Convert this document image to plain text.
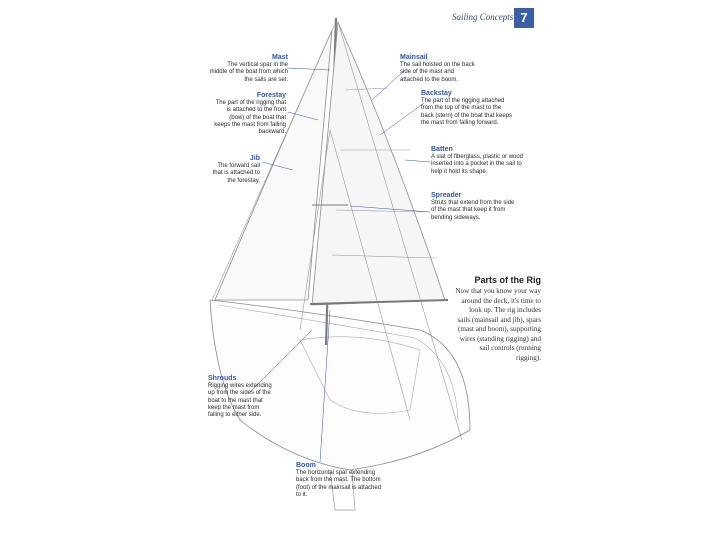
Sailing Concepts 7
Mast
The vertical spar in the middle of the boat from which the sails are set.
Forestay
The part of the rigging that is attached to the front (bow) of the boat that keeps the mast from falling backward.
Jib
The forward sail that is attached to the forestay.
Shrouds
Rigging wires extending up from the sides of the boat to the mast that keep the mast from falling to either side.
Mainsail
The sail hoisted on the back side of the mast and attached to the boom.
Backstay
The part of the rigging attached from the top of the mast to the back (stern) of the boat that keeps the mast from falling forward.
Batten
A slat of fiberglass, plastic or wood inserted into a pocket in the sail to help it hold its shape.
Spreader
Struts that extend from the side of the mast that keep it from bending sideways.
Boom
The horizontal spar extending back from the mast. The bottom (foot) of the mainsail is attached to it.
Parts of the Rig
Now that you know your way around the deck, it's time to look up. The rig includes sails (mainsail and jib), spars (mast and boom), supporting wires (standing rigging) and sail controls (running rigging).
